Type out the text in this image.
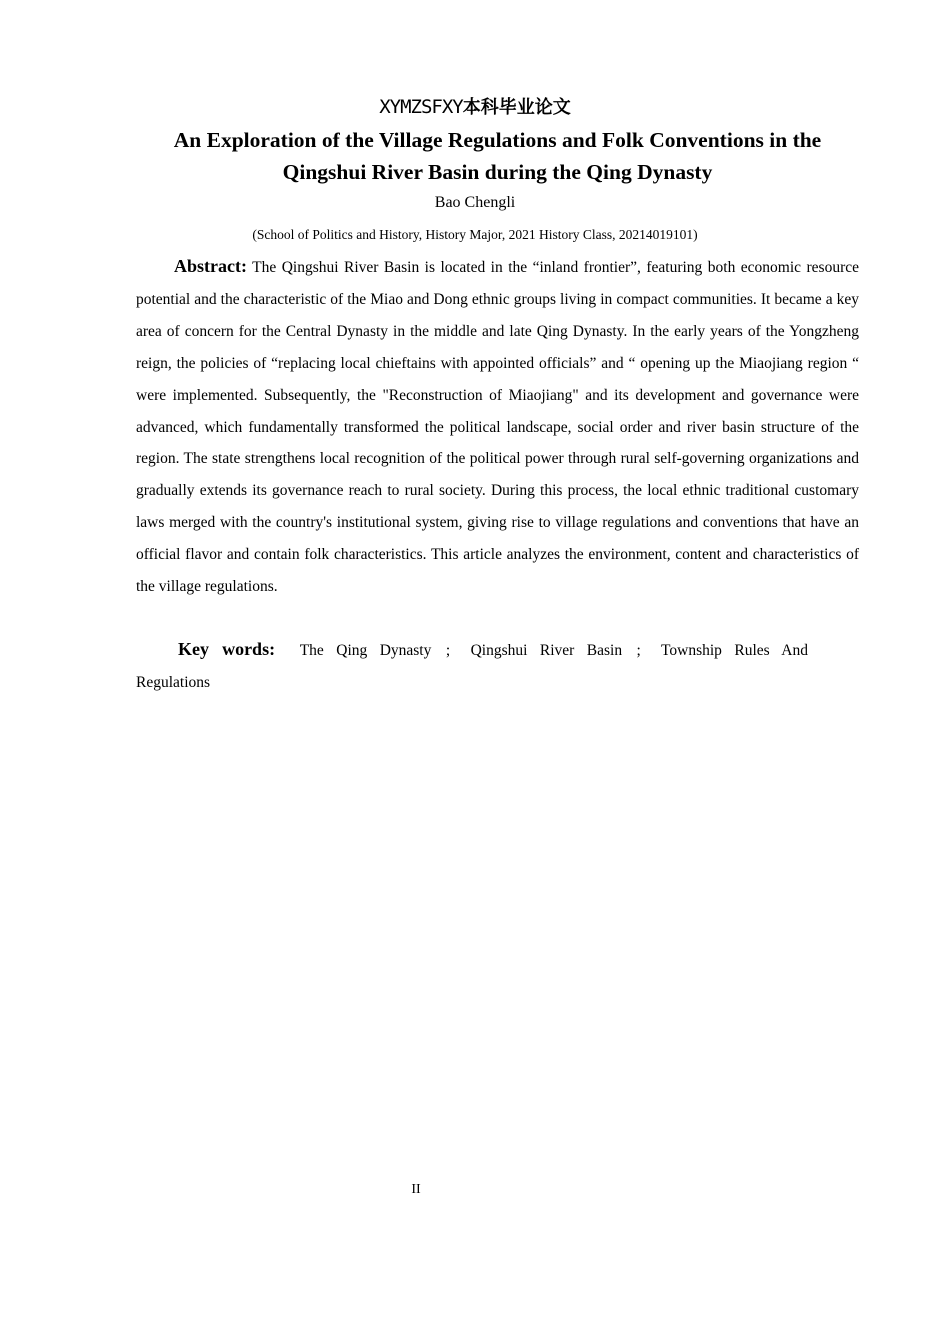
XYMZSFXY本科毕业论文
An Exploration of the Village Regulations and Folk Conventions in the
Qingshui River Basin during the Qing Dynasty
Bao Chengli
(School of Politics and History, History Major, 2021 History Class, 20214019101)

Abstract: The Qingshui River Basin is located in the “inland frontier”, featuring both economic resource potential and the characteristic of the Miao and Dong ethnic groups living in compact communities. It became a key area of concern for the Central Dynasty in the middle and late Qing Dynasty. In the early years of the Yongzheng reign, the policies of “replacing local chieftains with appointed officials” and “ opening up the Miaojiang region “ were implemented. Subsequently, the "Reconstruction of Miaojiang" and its development and governance were advanced, which fundamentally transformed the political landscape, social order and river basin structure of the region. The state strengthens local recognition of the political power through rural self-governing organizations and gradually extends its governance reach to rural society. During this process, the local ethnic traditional customary laws merged with the country's institutional system, giving rise to village regulations and conventions that have an official flavor and contain folk characteristics. This article analyzes the environment, content and characteristics of the village regulations.

Key words: The Qing Dynasty ; Qingshui River Basin ; Township Rules And Regulations

II
